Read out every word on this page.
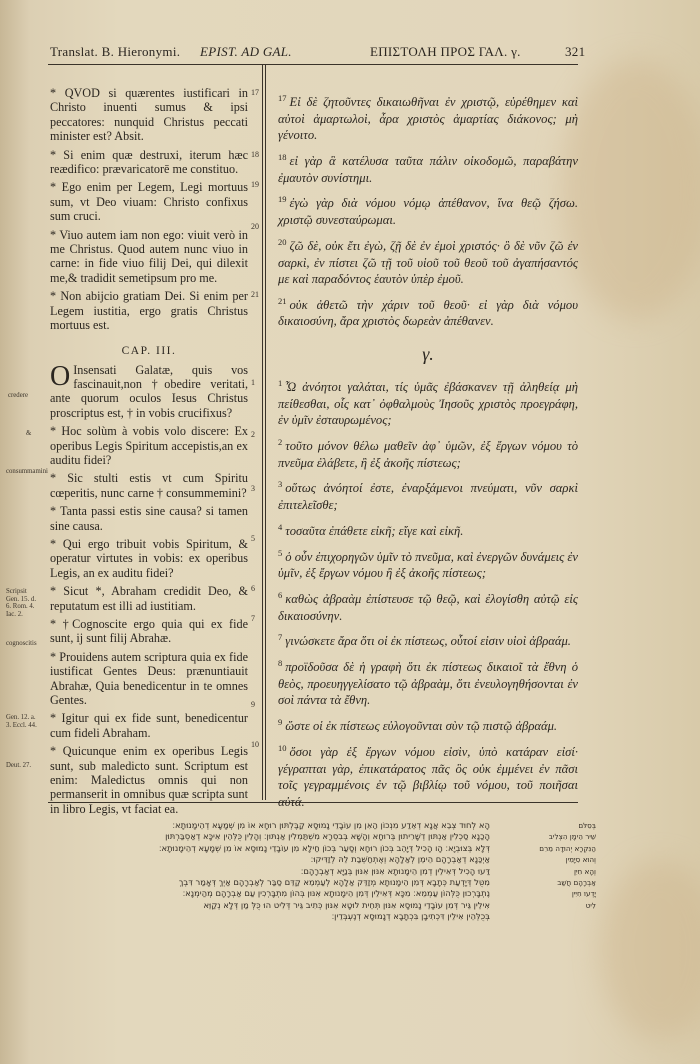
Translat. B. Hieronymi. EPIST. AD GAL.	ΕΠΙΣΤΟΛΗ ΠΡΟΣ ΓΑΛ. γ.	321

* QVOD si quærentes iustificari in Christo inuenti sumus & ipsi peccatores: nunquid Christus peccati minister est? Absit.

* Si enim quæ destruxi, iterum hæc reædifico: prævaricatorē me constituo.

* Ego enim per Legem, Legi mortuus sum, vt Deo viuam: Christo confixus sum cruci.

* Viuo autem iam non ego: viuit verò in me Christus. Quod autem nunc viuo in carne: in fide viuo filij Dei, qui dilexit me,& tradidit semetipsum pro me.

* Non abijcio gratiam Dei. Si enim per Legem iustitia, ergo gratis Christus mortuus est.

CAP. III.

O Insensati Galatæ, quis vos fascinauit,non †obedire veritati, ante quorum oculos Iesus Christus proscriptus est, † in vobis crucifixus?

* Hoc solùm à vobis volo discere: Ex operibus Legis Spiritum accepistis,an ex auditu fidei?

* Sic stulti estis vt cum Spiritu cœperitis, nunc carne † consummemini?

* Tanta passi estis sine causa? si tamen sine causa.

* Qui ergo tribuit vobis Spiritum, & operatur virtutes in vobis: ex operibus Legis, an ex auditu fidei?

* Sicut *, Abraham credidit Deo, & reputatum est illi ad iustitiam.

* †Cognoscite ergo quia qui ex fide sunt, ij sunt filij Abrahæ.

* Prouidens autem scriptura quia ex fide iustificat Gentes Deus: prænuntiauit Abrahæ, Quia benedicentur in te omnes Gentes.

* Igitur qui ex fide sunt, benedicentur cum fideli Abraham.

* Quicunque enim ex operibus Legis sunt, sub maledicto sunt. Scriptum est enim: Maledictus omnis qui non permanserit in omnibus quæ scripta sunt in libro Legis, vt faciat ea.

credere
&
consummamini
Scripsit Gen. 15. d. 6. Rom. 4. Iac. 2.
cognoscitis
Gen. 12. a. 3. Eccl. 44.
Deut. 27.
17
18
19
20
21
1
2
3
5
6
7
9
10

$^{17}$ Εἰ δὲ ζητοῦντες δικαιωθῆναι ἐν χριστῷ, εὑρέθημεν καὶ αὐτοὶ ἁμαρτωλοὶ, ἆρα χριστὸς ἁμαρτίας διάκονος; μὴ γένοιτο.

$^{18}$ εἰ γὰρ ἃ κατέλυσα ταῦτα πάλιν οἰκοδομῶ, παραβάτην ἐμαυτὸν συνίστημι.

$^{19}$ ἐγὼ γὰρ διὰ νόμου νόμῳ ἀπέθανον, ἵνα θεῷ ζήσω. χριστῷ συνεσταύρωμαι.

$^{20}$ ζῶ δὲ, οὐκ ἔτι ἐγὼ, ζῇ δὲ ἐν ἐμοὶ χριστός· ὃ δὲ νῦν ζῶ ἐν σαρκὶ, ἐν πίστει ζῶ τῇ τοῦ υἱοῦ τοῦ θεοῦ τοῦ ἀγαπήσαντός με καὶ παραδόντος ἑαυτὸν ὑπὲρ ἐμοῦ.

$^{21}$ οὐκ ἀθετῶ τὴν χάριν τοῦ θεοῦ· εἰ γὰρ διὰ νόμου δικαιοσύνη, ἄρα χριστὸς δωρεὰν ἀπέθανεν.

γ.

$^1$ Ὦ ἀνόητοι γαλάται, τίς ὑμᾶς ἐβάσκανεν τῇ ἀληθείᾳ μὴ πείθεσθαι, οἷς κατ᾽ ὀφθαλμοὺς Ἰησοῦς χριστὸς προεγράφη, ἐν ὑμῖν ἐσταυρωμένος;

$^2$ τοῦτο μόνον θέλω μαθεῖν ἀφ᾽ ὑμῶν, ἐξ ἔργων νόμου τὸ πνεῦμα ἐλάβετε, ἢ ἐξ ἀκοῆς πίστεως;

$^3$ οὕτως ἀνόητοί ἐστε, ἐναρξάμενοι πνεύματι, νῦν σαρκὶ ἐπιτελεῖσθε;

$^4$ τοσαῦτα ἐπάθετε εἰκῆ; εἴγε καὶ εἰκῆ.

$^5$ ὁ οὖν ἐπιχορηγῶν ὑμῖν τὸ πνεῦμα, καὶ ἐνεργῶν δυνάμεις ἐν ὑμῖν, ἐξ ἔργων νόμου ἢ ἐξ ἀκοῆς πίστεως;

$^6$ καθὼς ἀβραὰμ ἐπίστευσε τῷ θεῷ, καὶ ἐλογίσθη αὐτῷ εἰς δικαιοσύνην.

$^7$ γινώσκετε ἄρα ὅτι οἱ ἐκ πίστεως, οὗτοί εἰσιν υἱοὶ ἀβραάμ.

$^8$ προϊδοῦσα δὲ ἡ γραφὴ ὅτι ἐκ πίστεως δικαιοῖ τὰ ἔθνη ὁ θεὸς, προευηγγελίσατο τῷ ἀβραὰμ, ὅτι ἐνευλογηθήσονται ἐν σοὶ πάντα τὰ ἔθνη.

$^9$ ὥστε οἱ ἐκ πίστεως εὐλογοῦνται σὺν τῷ πιστῷ ἀβραάμ.

$^{10}$ ὅσοι γὰρ ἐξ ἔργων νόμου εἰσὶν, ὑπὸ κατάραν εἰσί· γέγραπται γὰρ, ἐπικατάρατος πᾶς ὃς οὐκ ἐμμένει ἐν πᾶσι τοῖς γεγραμμένοις ἐν τῷ βιβλίῳ τοῦ νόμου, τοῦ ποιῆσαι αὐτά.

הָא לְחוּד צְבֵא אֲנָא דְאֵדַע מִנְכוֹן הַאִן מִן עוֹבָדֵי נָמוּסָא קַבֶּלְתּוּן רוּחָא אוֹ מִן שְׁמָעָא דְהֵימָנוּתָא׃
הָכַנָא סַכְלִין אַנְתּוּן דְשָׁרִיתוּן בְּרוּחָא וְהָשָׁא בְּבִסְרָא מִשְׁתַּמְלִין אַנְתּוּן׃ וְהָלֵין כֻּלְּהֵין אִיכָּא דְאַסְבַּרְתּוּן
דְּלָא בְּצוּבְיָא׃ הָו הָכִיל דְּיָהֵב בְּכוֹן רוּחָא וְסָעַר בְּכוֹן חַילָא מִן עוֹבָדֵי נָמוּסָא אוֹ מִן שְׁמָעָא דְהֵימָנוּתָא׃
אַיְכַּנָא דְאַבְרָהָם הֵימֵן לְאַלָהָא וְאֶתְחַשְּׁבַת לֵהּ לְזַדִּיקוּ׃
דַּעוּ הָכִיל דְּאִילֵין דְמִן הֵימָנוּתָא אִנּוּן אִנּוּן בְּנַיָּא דְאַבְרָהָם׃
מִטֻּל דְּיָדְעַת כְּתָבָא דְּמִן הֵימָנוּתָא מְזַדֵּק אַלָהָא לְעַמְמֵא קַדֵּם סַבַּר לְאַבְרָהָם אַיְךְ דְּאָמַר דִּבְךְ
נֶתְבָּרְכוּן כֻּלְּהוֹן עַמְמֵא׃ מִכָּא דְּאִילֵין דְּמִן הֵימָנוּתָא אִנּוּן בְּהוֹן מִתְבָּרְכִין עַם אַבְרָהָם מְהַימְנָא׃
אִילֵין גֵּיר דְּמִן עוֹבָדֵי נָמוּסָא אִנּוּן תְּחֵית לוּטָא אִנּוּן כְּתִיב גֵּיר דְּלִיט הוּ כֻּלְּ מַן דְּלָא נְקַוֵּא
בְּכֻלְּהֵין אִילֵין דִּכְתִיבָן בִּכְתָבָא דְנָמוּסָא דְנֶעְבְּדֵין׃
בְּסִלּם
שֵׁיר הֵימָן הִצְלִיב
הַנִּקְרָא יְהוּדָה מֵרִם
וְהוּא סִיָּמִין
וְהָא חִיִּן
אַבְרָהָם חֲשַׁב
יָדְעוּ חִיִּין
לִיט
